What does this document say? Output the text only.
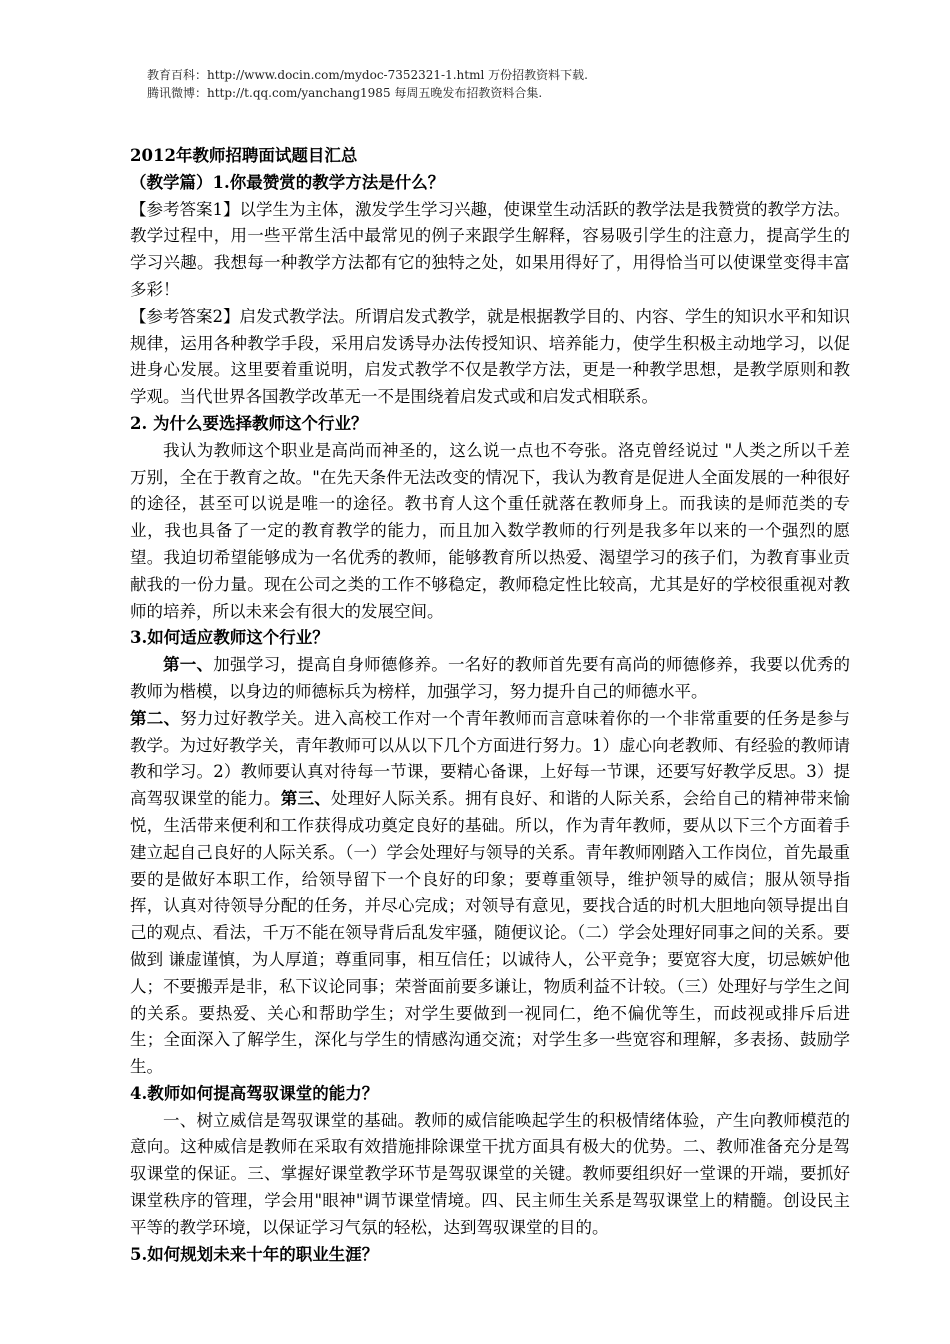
教育百科：http://www.docin.com/mydoc-7352321-1.html 万份招教资料下载.
腾讯微博：http://t.qq.com/yanchang1985 每周五晚发布招教资料合集.

2012年教师招聘面试题目汇总

（教学篇）1.你最赞赏的教学方法是什么？

【参考答案1】以学生为主体，激发学生学习兴趣，使课堂生动活跃的教学法是我赞赏的教学方法。教学过程中，用一些平常生活中最常见的例子来跟学生解释，容易吸引学生的注意力，提高学生的学习兴趣。我想每一种教学方法都有它的独特之处，如果用得好了，用得恰当可以使课堂变得丰富多彩！

【参考答案2】启发式教学法。所谓启发式教学，就是根据教学目的、内容、学生的知识水平和知识规律，运用各种教学手段，采用启发诱导办法传授知识、培养能力，使学生积极主动地学习，以促进身心发展。这里要着重说明，启发式教学不仅是教学方法，更是一种教学思想，是教学原则和教学观。当代世界各国教学改革无一不是围绕着启发式或和启发式相联系。

2. 为什么要选择教师这个行业？

我认为教师这个职业是高尚而神圣的，这么说一点也不夸张。洛克曾经说过 "人类之所以千差万别，全在于教育之故。"在先天条件无法改变的情况下，我认为教育是促进人全面发展的一种很好的途径，甚至可以说是唯一的途径。教书育人这个重任就落在教师身上。而我读的是师范类的专业，我也具备了一定的教育教学的能力，而且加入数学教师的行列是我多年以来的一个强烈的愿望。我迫切希望能够成为一名优秀的教师，能够教育所以热爱、渴望学习的孩子们，为教育事业贡献我的一份力量。现在公司之类的工作不够稳定，教师稳定性比较高，尤其是好的学校很重视对教师的培养，所以未来会有很大的发展空间。

3.如何适应教师这个行业？

第一、加强学习，提高自身师德修养。一名好的教师首先要有高尚的师德修养，我要以优秀的教师为楷模，以身边的师德标兵为榜样，加强学习，努力提升自己的师德水平。

第二、努力过好教学关。进入高校工作对一个青年教师而言意味着你的一个非常重要的任务是参与教学。为过好教学关，青年教师可以从以下几个方面进行努力。1）虚心向老教师、有经验的教师请教和学习。2）教师要认真对待每一节课，要精心备课，上好每一节课，还要写好教学反思。3）提高驾驭课堂的能力。第三、处理好人际关系。拥有良好、和谐的人际关系，会给自己的精神带来愉悦，生活带来便利和工作获得成功奠定良好的基础。所以，作为青年教师，要从以下三个方面着手建立起自己良好的人际关系。（一）学会处理好与领导的关系。青年教师刚踏入工作岗位，首先最重要的是做好本职工作，给领导留下一个良好的印象；要尊重领导，维护领导的威信；服从领导指挥，认真对待领导分配的任务，并尽心完成；对领导有意见，要找合适的时机大胆地向领导提出自己的观点、看法，千万不能在领导背后乱发牢骚，随便议论。（二）学会处理好同事之间的关系。要做到 谦虚谨慎，为人厚道；尊重同事，相互信任；以诚待人，公平竞争；要宽容大度，切忌嫉妒他人；不要搬弄是非，私下议论同事；荣誉面前要多谦让，物质利益不计较。（三）处理好与学生之间的关系。要热爱、关心和帮助学生；对学生要做到一视同仁，绝不偏优等生，而歧视或排斥后进生；全面深入了解学生，深化与学生的情感沟通交流；对学生多一些宽容和理解，多表扬、鼓励学生。

4.教师如何提高驾驭课堂的能力？

一、树立威信是驾驭课堂的基础。教师的威信能唤起学生的积极情绪体验，产生向教师模范的意向。这种威信是教师在采取有效措施排除课堂干扰方面具有极大的优势。二、教师准备充分是驾驭课堂的保证。三、掌握好课堂教学环节是驾驭课堂的关键。教师要组织好一堂课的开端，要抓好课堂秩序的管理，学会用"眼神"调节课堂情境。四、民主师生关系是驾驭课堂上的精髓。创设民主平等的教学环境，以保证学习气氛的轻松，达到驾驭课堂的目的。

5.如何规划未来十年的职业生涯？
